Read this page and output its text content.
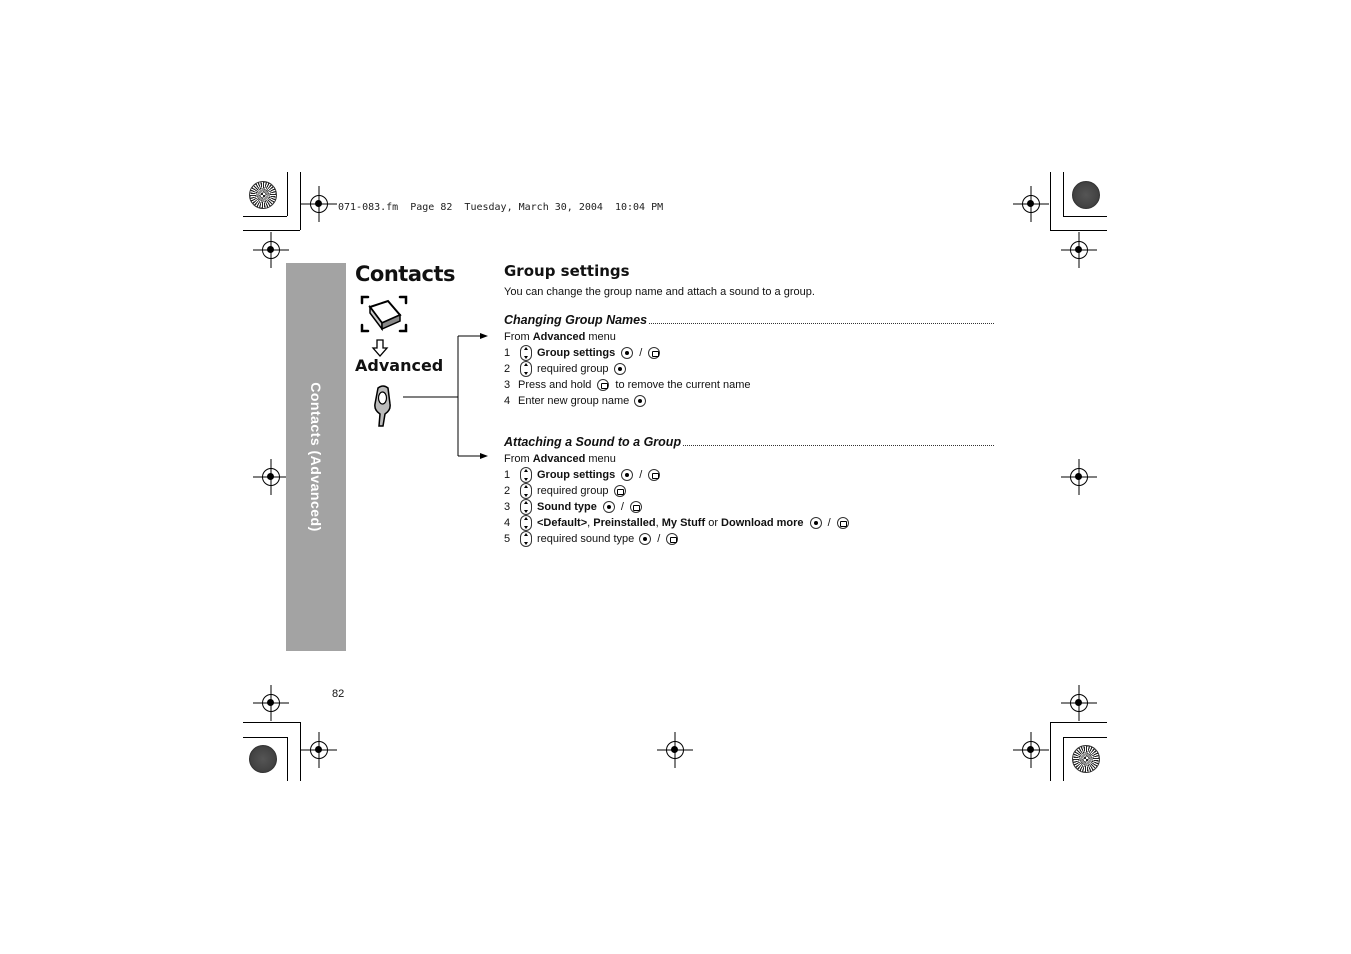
071-083.fm  Page 82  Tuesday, March 30, 2004  10:04 PM
Contacts (Advanced)
Contacts
Advanced
Group settings
You can change the group name and attach a sound to a group.
Changing Group Names
From
Advanced
menu
1	Group settings /
2	required group
3 Press and hold to remove the current name
4 Enter new group name
Attaching a Sound to a Group
From
Advanced
menu
1	Group settings /
2	required group
3	Sound type /
4	<Default> ,
Preinstalled ,
My Stuff
or
Download more /
5	required sound type /
82
